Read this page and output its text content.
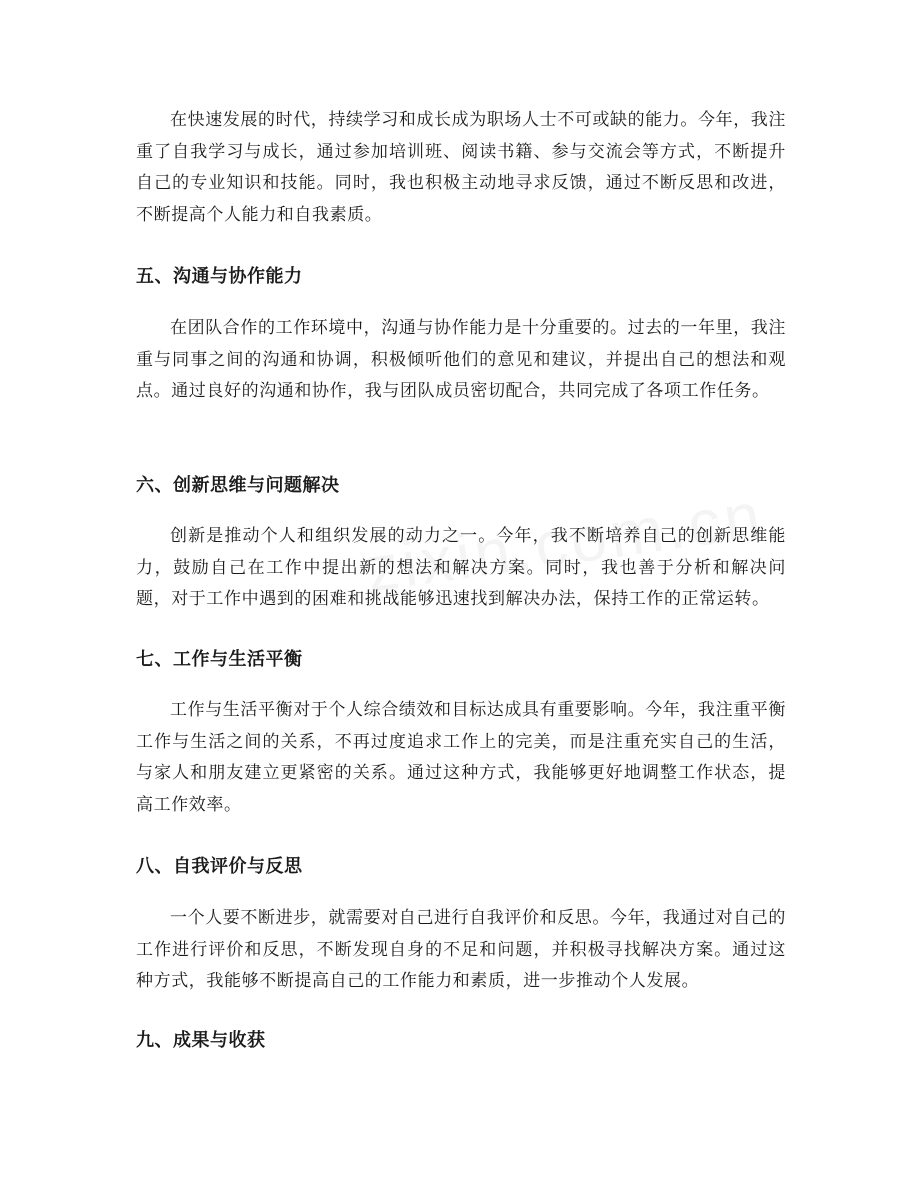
在快速发展的时代，持续学习和成长成为职场人士不可或缺的能力。今年，我注重了自我学习与成长，通过参加培训班、阅读书籍、参与交流会等方式，不断提升自己的专业知识和技能。同时，我也积极主动地寻求反馈，通过不断反思和改进，不断提高个人能力和自我素质。

五、沟通与协作能力

在团队合作的工作环境中，沟通与协作能力是十分重要的。过去的一年里，我注重与同事之间的沟通和协调，积极倾听他们的意见和建议，并提出自己的想法和观点。通过良好的沟通和协作，我与团队成员密切配合，共同完成了各项工作任务。

六、创新思维与问题解决

创新是推动个人和组织发展的动力之一。今年，我不断培养自己的创新思维能力，鼓励自己在工作中提出新的想法和解决方案。同时，我也善于分析和解决问题，对于工作中遇到的困难和挑战能够迅速找到解决办法，保持工作的正常运转。

七、工作与生活平衡

工作与生活平衡对于个人综合绩效和目标达成具有重要影响。今年，我注重平衡工作与生活之间的关系，不再过度追求工作上的完美，而是注重充实自己的生活，与家人和朋友建立更紧密的关系。通过这种方式，我能够更好地调整工作状态，提高工作效率。

八、自我评价与反思

一个人要不断进步，就需要对自己进行自我评价和反思。今年，我通过对自己的工作进行评价和反思，不断发现自身的不足和问题，并积极寻找解决方案。通过这种方式，我能够不断提高自己的工作能力和素质，进一步推动个人发展。

九、成果与收获
